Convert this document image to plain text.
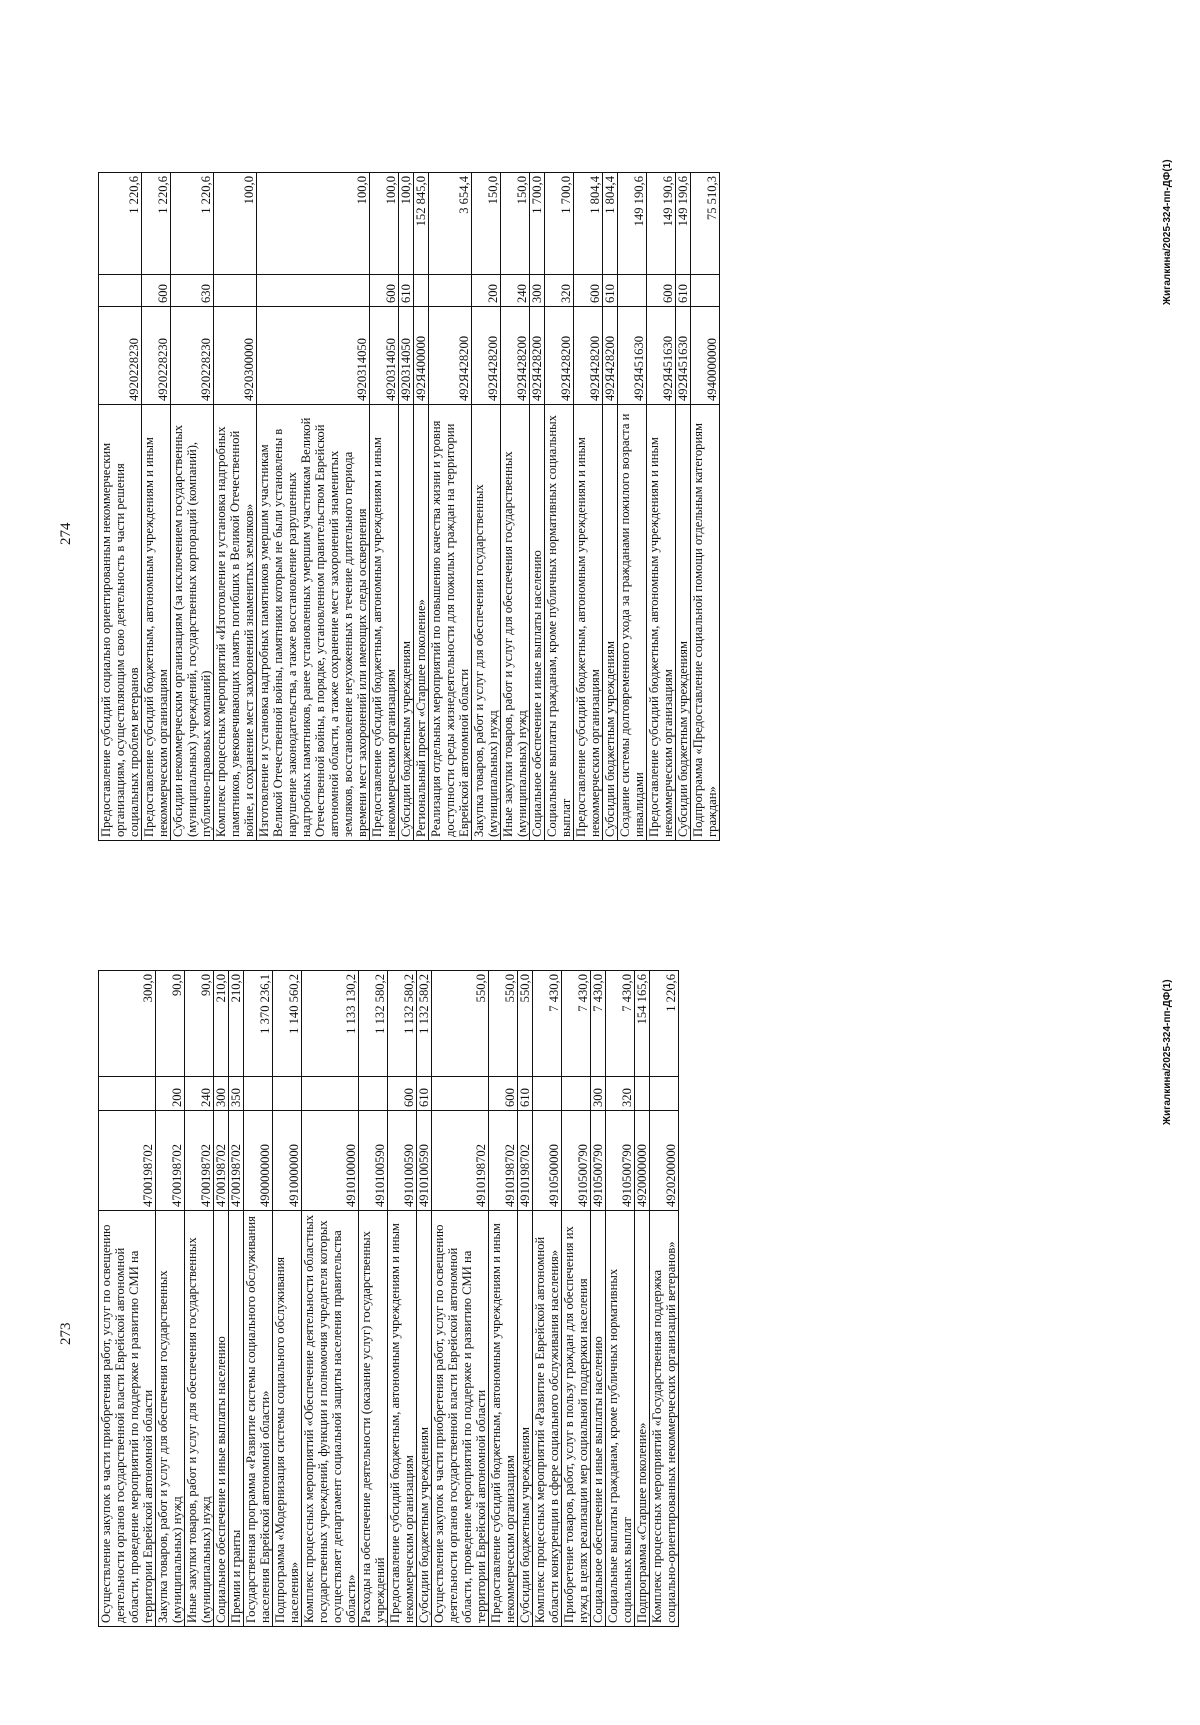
273 Осуществление закупок в части приобретения работ, услуг по освещению деятельности органов государственной власти Еврейской автономной области, проведение мероприятий по поддержке и развитию СМИ на территории Еврейской автономной области	4700198702		300,0
Закупка товаров, работ и услуг для обеспечения государственных (муниципальных) нужд	4700198702	200	90,0
Иные закупки товаров, работ и услуг для обеспечения государственных (муниципальных) нужд	4700198702	240	90,0
Социальное обеспечение и иные выплаты населению	4700198702	300	210,0
Премии и гранты	4700198702	350	210,0
Государственная программа «Развитие системы социального обслуживания населения Еврейской автономной области»	4900000000		1 370 236,1
Подпрограмма «Модернизация системы социального обслуживания населения»	4910000000		1 140 560,2
Комплекс процессных мероприятий «Обеспечение деятельности областных государственных учреждений, функции и полномочия учредителя которых осуществляет департамент социальной защиты населения правительства области»	4910100000		1 133 130,2
Расходы на обеспечение деятельности (оказание услуг) государственных учреждений	4910100590		1 132 580,2
Предоставление субсидий бюджетным, автономным учреждениям и иным некоммерческим организациям	4910100590	600	1 132 580,2
Субсидии бюджетным учреждениям	4910100590	610	1 132 580,2
Осуществление закупок в части приобретения работ, услуг по освещению деятельности органов государственной власти Еврейской автономной области, проведение мероприятий по поддержке и развитию СМИ на территории Еврейской автономной области	4910198702		550,0
Предоставление субсидий бюджетным, автономным учреждениям и иным некоммерческим организациям	4910198702	600	550,0
Субсидии бюджетным учреждениям	4910198702	610	550,0
Комплекс процессных мероприятий «Развитие в Еврейской автономной области конкуренции в сфере социального обслуживания населения»	4910500000		7 430,0
Приобретение товаров, работ, услуг в пользу граждан для обеспечения их нужд в целях реализации мер социальной поддержки населения	4910500790		7 430,0
Социальное обеспечение и иные выплаты населению	4910500790	300	7 430,0
Социальные выплаты гражданам, кроме публичных нормативных социальных выплат	4910500790	320	7 430,0
Подпрограмма «Старшее поколение»	4920000000		154 165,6
Комплекс процессных мероприятий «Государственная поддержка социально-ориентированных некоммерческих организаций ветеранов»	4920200000		1 220,6	Жигалкина/2025-324-пп-ДФ(1)
274 Предоставление субсидий социально ориентированным некоммерческим организациям, осуществляющим свою деятельность в части решения социальных проблем ветеранов	4920228230		1 220,6
Предоставление субсидий бюджетным, автономным учреждениям и иным некоммерческим организациям	4920228230	600	1 220,6
Субсидии некоммерческим организациям (за исключением государственных (муниципальных) учреждений, государственных корпораций (компаний), публично-правовых компаний)	4920228230	630	1 220,6
Комплекс процессных мероприятий «Изготовление и установка надгробных памятников, увековечивающих память погибших в Великой Отечественной войне, и сохранение мест захоронений знаменитых земляков»	4920300000		100,0
Изготовление и установка надгробных памятников умершим участникам Великой Отечественной войны, памятники которым не были установлены в нарушение законодательства, а также восстановление разрушенных надгробных памятников, ранее установленных умершим участникам Великой Отечественной войны, в порядке, установленном правительством Еврейской автономной области, а также сохранение мест захоронений знаменитых земляков, восстановление неухоженных в течение длительного периода времени мест захоронений или имеющих следы осквернения	4920314050		100,0
Предоставление субсидий бюджетным, автономным учреждениям и иным некоммерческим организациям	4920314050	600	100,0
Субсидии бюджетным учреждениям	4920314050	610	100,0
Региональный проект «Старшее поколение»	492Я400000		152 845,0
Реализация отдельных мероприятий по повышению качества жизни и уровня доступности среды жизнедеятельности для пожилых граждан на территории Еврейской автономной области	492Я428200		3 654,4
Закупка товаров, работ и услуг для обеспечения государственных (муниципальных) нужд	492Я428200	200	150,0
Иные закупки товаров, работ и услуг для обеспечения государственных (муниципальных) нужд	492Я428200	240	150,0
Социальное обеспечение и иные выплаты населению	492Я428200	300	1 700,0
Социальные выплаты гражданам, кроме публичных нормативных социальных выплат	492Я428200	320	1 700,0
Предоставление субсидий бюджетным, автономным учреждениям и иным некоммерческим организациям	492Я428200	600	1 804,4
Субсидии бюджетным учреждениям	492Я428200	610	1 804,4
Создание системы долговременного ухода за гражданами пожилого возраста и инвалидами	492Я451630		149 190,6
Предоставление субсидий бюджетным, автономным учреждениям и иным некоммерческим организациям	492Я451630	600	149 190,6
Субсидии бюджетным учреждениям	492Я451630	610	149 190,6
Подпрограмма «Предоставление социальной помощи отдельным категориям граждан»	4940000000		75 510,3	Жигалкина/2025-324-пп-ДФ(1)
